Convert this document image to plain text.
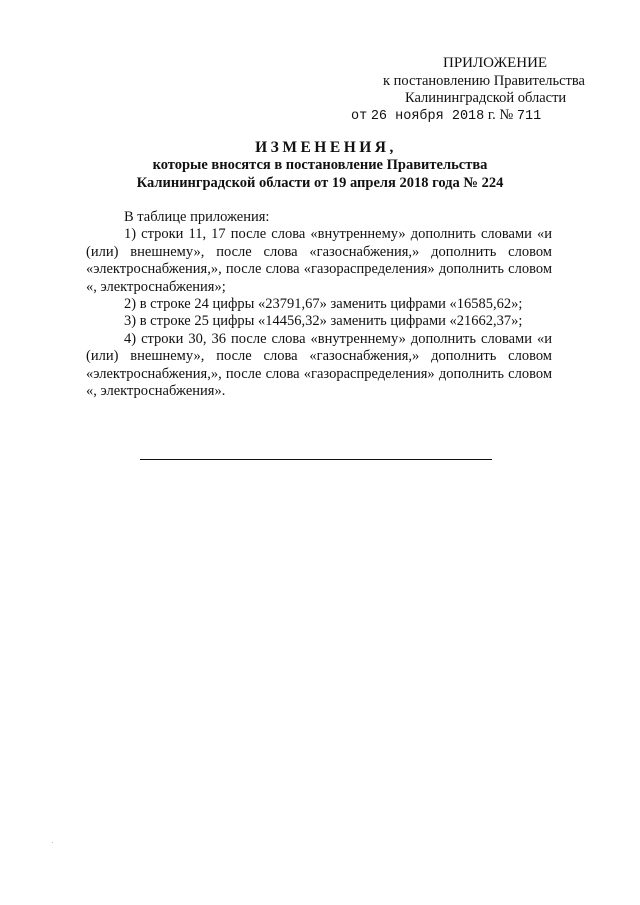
ПРИЛОЖЕНИЕ
к постановлению Правительства
Калининградской области
от 26 ноября 2018 г. № 711
ИЗМЕНЕНИЯ,
которые вносятся в постановление Правительства
Калининградской области от 19 апреля 2018 года № 224

В таблице приложения:

1) строки 11, 17 после слова «внутреннему» дополнить словами «и (или) внешнему», после слова «газоснабжения,» дополнить словом «электроснабжения,», после слова «газораспределения» дополнить словом «, электроснабжения»;

2) в строке 24 цифры «23791,67» заменить цифрами «16585,62»;

3) в строке 25 цифры «14456,32» заменить цифрами «21662,37»;

4) строки 30, 36 после слова «внутреннему» дополнить словами «и (или) внешнему», после слова «газоснабжения,» дополнить словом «электроснабжения,», после слова «газораспределения» дополнить словом «, электроснабжения».
